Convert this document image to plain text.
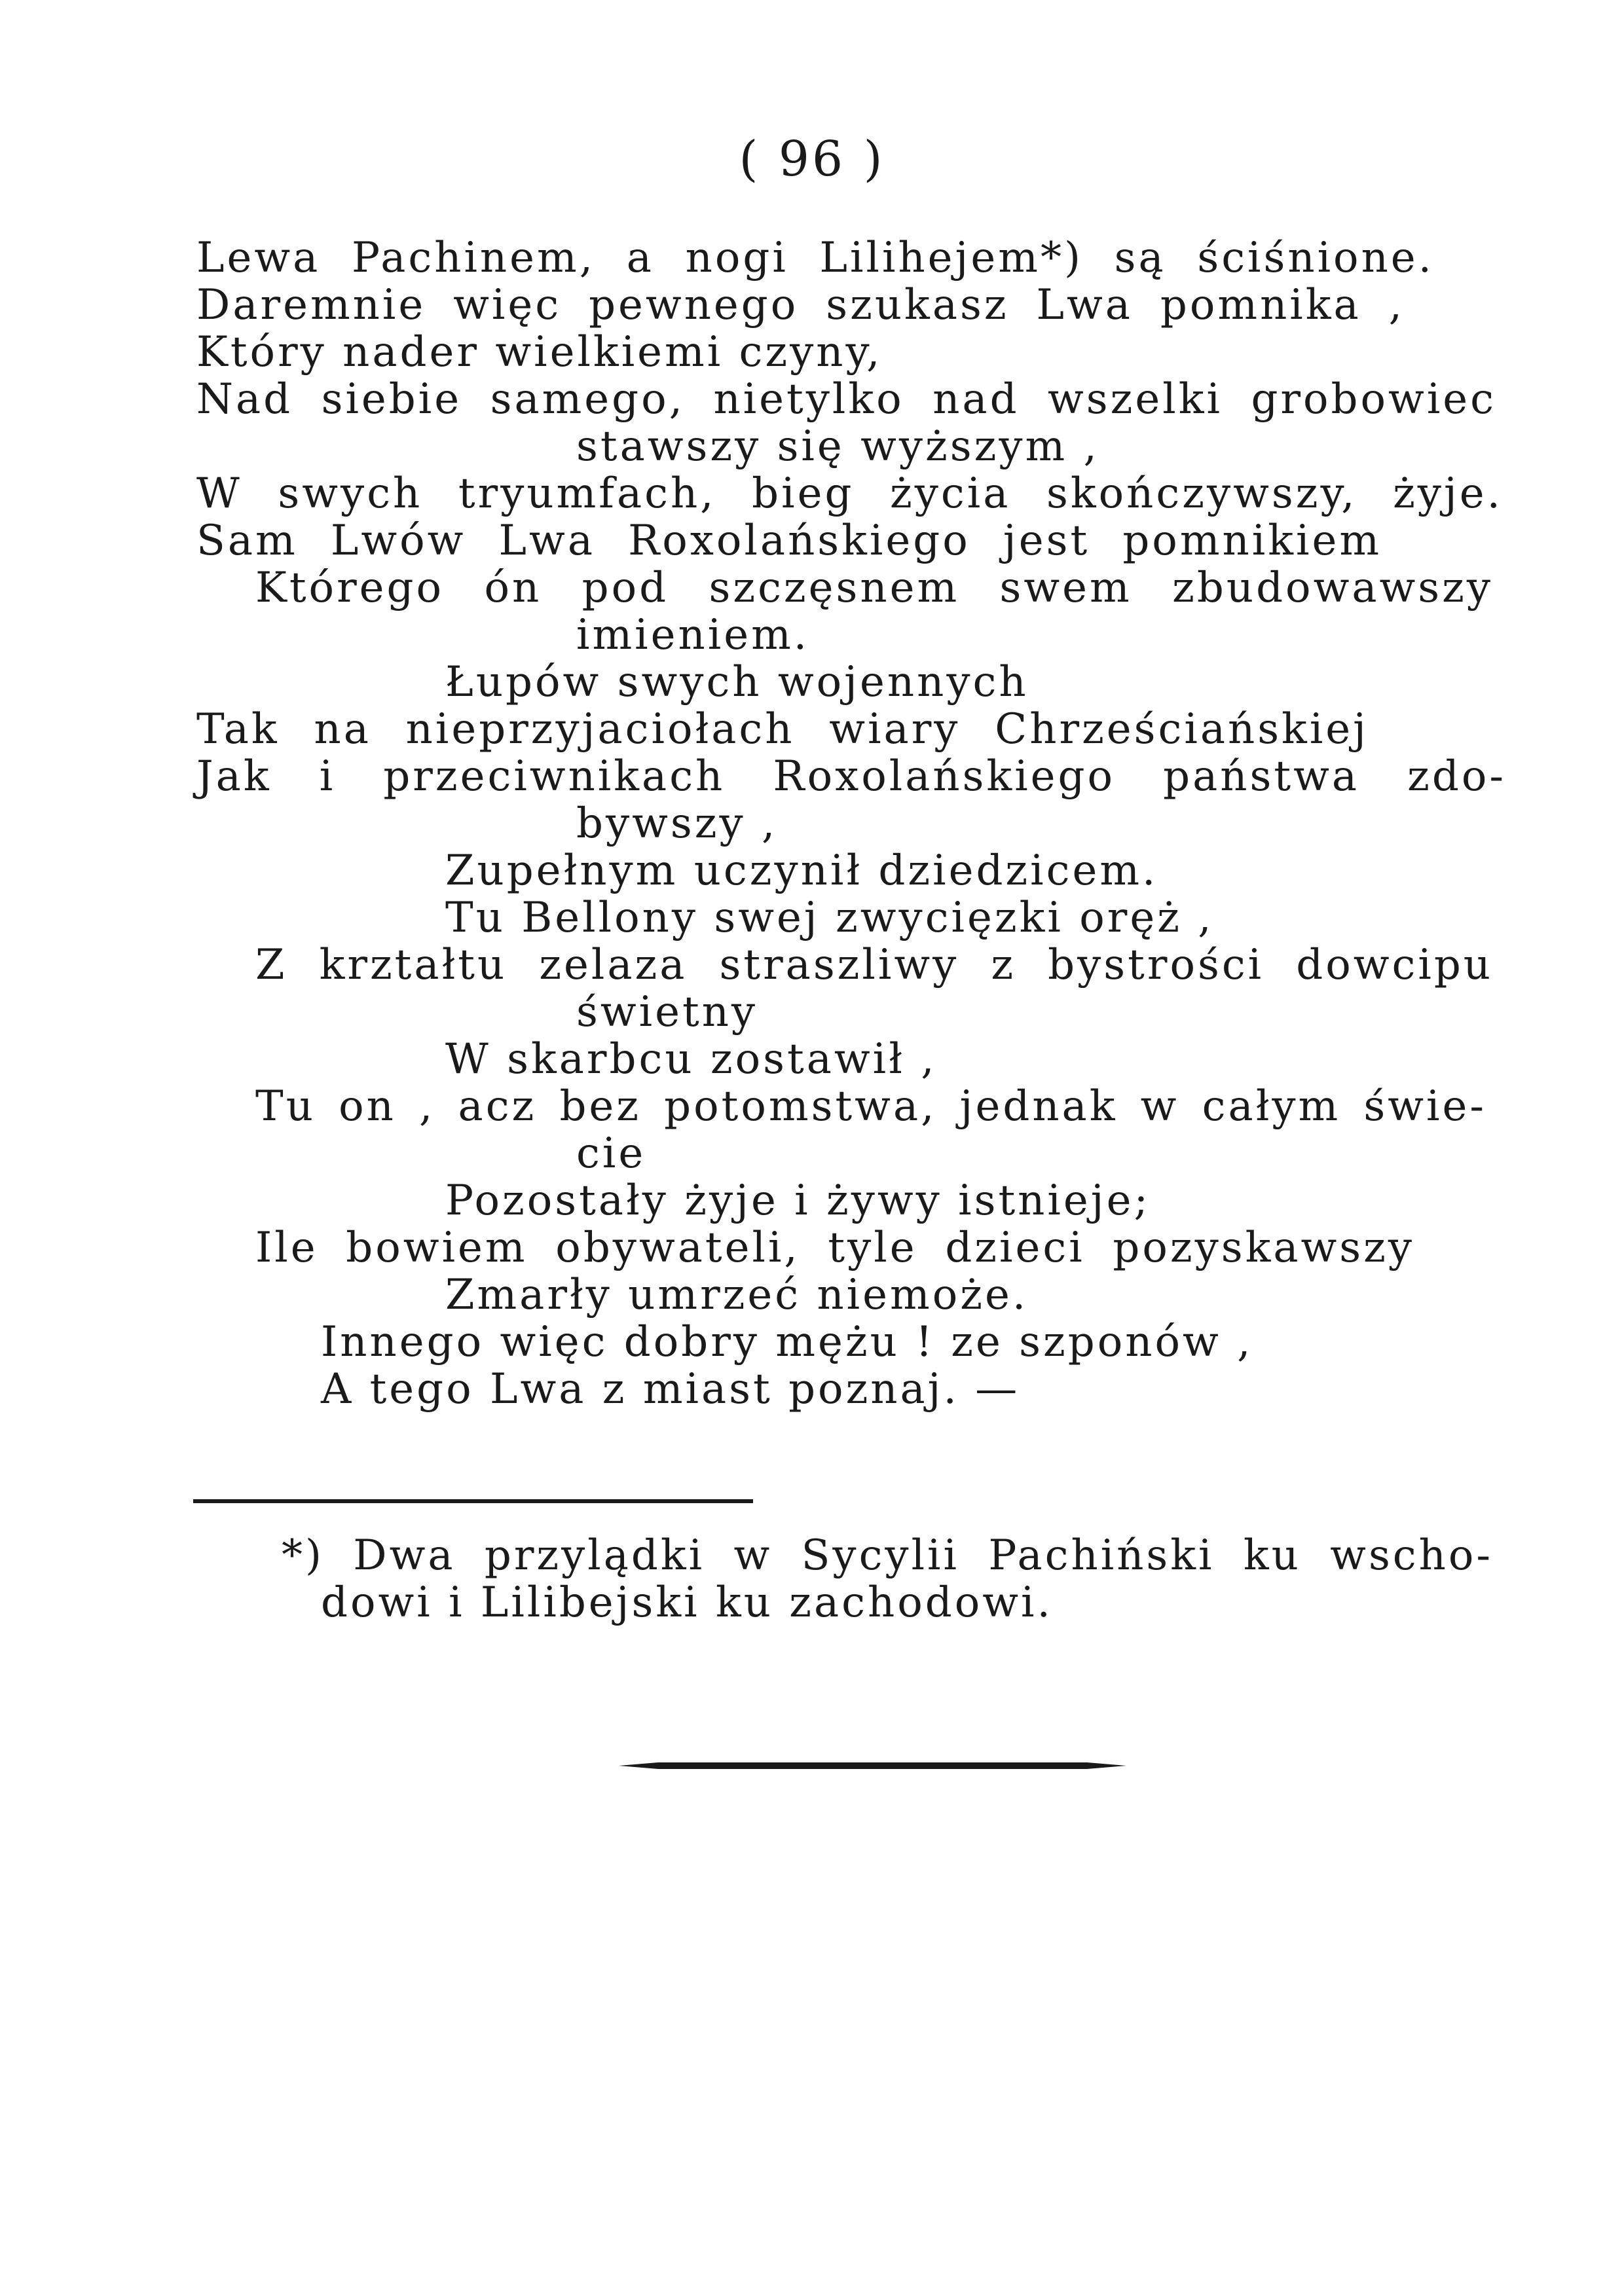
( 96 )
Lewa Pachinem, a nogi Lilihejem*) są ściśnione.
Daremnie więc pewnego szukasz Lwa pomnika ,
Który nader wielkiemi czyny,
Nad siebie samego, nietylko nad wszelki grobowiec
stawszy się wyższym ,
W swych tryumfach, bieg życia skończywszy, żyje.
Sam Lwów Lwa Roxolańskiego jest pomnikiem
Którego ón pod szczęsnem swem zbudowawszy
imieniem.
Łupów swych wojennych
Tak na nieprzyjaciołach wiary Chrześciańskiej
Jak i przeciwnikach Roxolańskiego państwa zdo-
bywszy ,
Zupełnym uczynił dziedzicem.
Tu Bellony swej zwycięzki oręż ,
Z krztałtu zelaza straszliwy z bystrości dowcipu
świetny
W skarbcu zostawił ,
Tu on , acz bez potomstwa, jednak w całym świe-
cie
Pozostały żyje i żywy istnieje;
Ile bowiem obywateli, tyle dzieci pozyskawszy
Zmarły umrzeć niemoże.
Innego więc dobry mężu ! ze szponów ,
A tego Lwa z miast poznaj. —
*) Dwa przylądki w Sycylii Pachiński ku wscho-
dowi i Lilibejski ku zachodowi.
